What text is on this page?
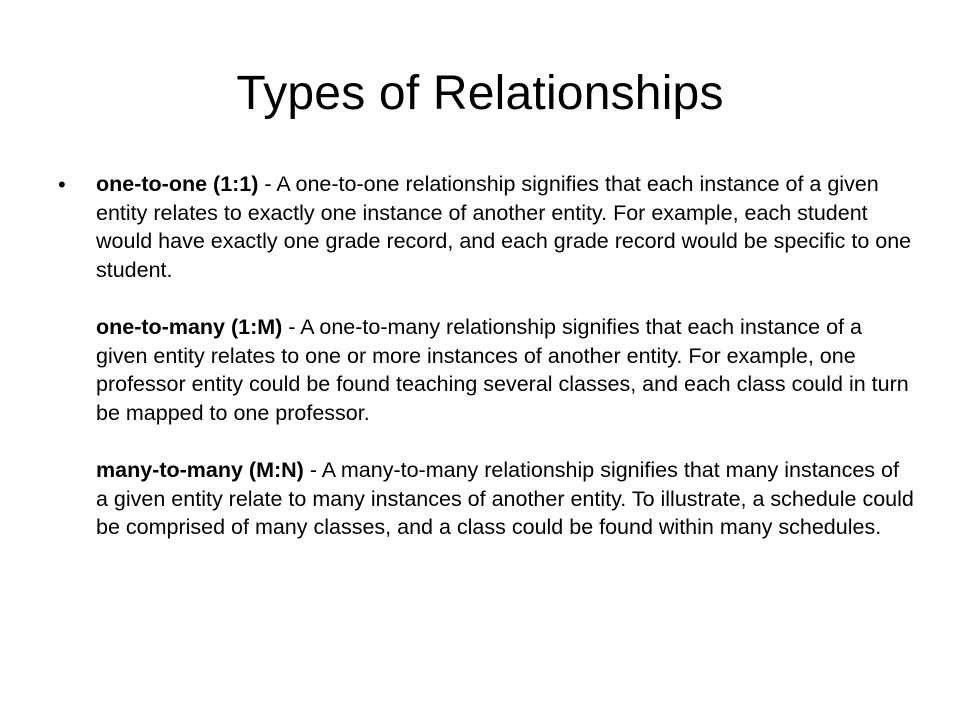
Types of Relationships
• one-to-one (1:1) - A one-to-one relationship signifies that each instance of a given entity relates to exactly one instance of another entity. For example, each student would have exactly one grade record, and each grade record would be specific to one student.

one-to-many (1:M) - A one-to-many relationship signifies that each instance of a given entity relates to one or more instances of another entity. For example, one professor entity could be found teaching several classes, and each class could in turn be mapped to one professor.

many-to-many (M:N) - A many-to-many relationship signifies that many instances of a given entity relate to many instances of another entity. To illustrate, a schedule could be comprised of many classes, and a class could be found within many schedules.
